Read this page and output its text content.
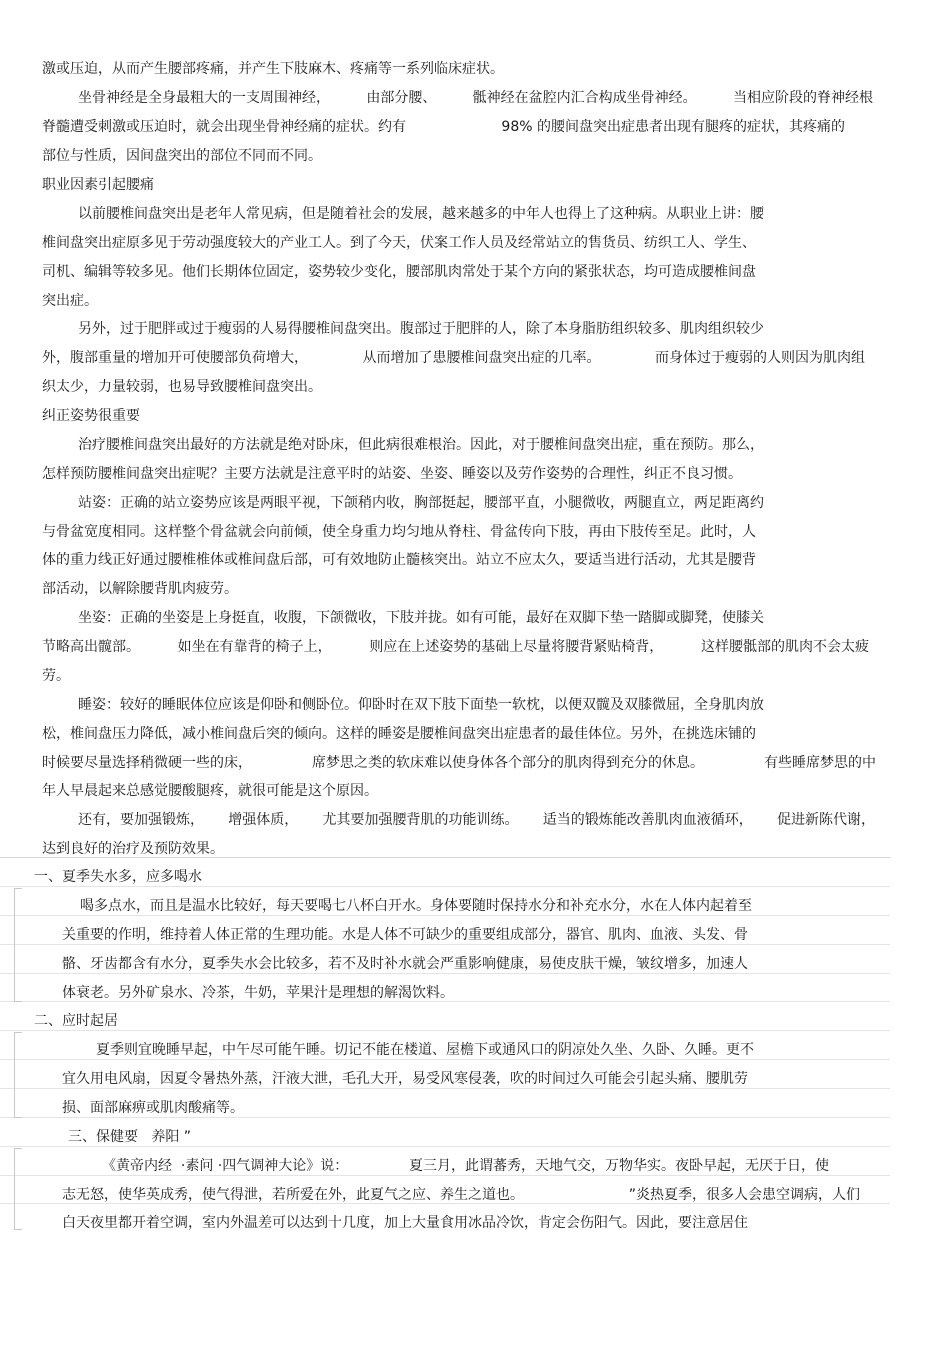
激或压迫，从而产生腰部疼痛，并产生下肢麻木、疼痛等一系列临床症状。
坐骨神经是全身最粗大的一支周围神经，	由部分腰、	骶神经在盆腔内汇合构成坐骨神经。	当相应阶段的脊神经根
脊髓遭受刺激或压迫时，就会出现坐骨神经痛的症状。约有	98% 的腰间盘突出症患者出现有腿疼的症状，其疼痛的
部位与性质，因间盘突出的部位不同而不同。
职业因素引起腰痛
以前腰椎间盘突出是老年人常见病，但是随着社会的发展，越来越多的中年人也得上了这种病。从职业上讲：腰
椎间盘突出症原多见于劳动强度较大的产业工人。到了今天，伏案工作人员及经常站立的售货员、纺织工人、学生、
司机、编辑等较多见。他们长期体位固定，姿势较少变化，腰部肌肉常处于某个方向的紧张状态，均可造成腰椎间盘
突出症。
另外，过于肥胖或过于瘦弱的人易得腰椎间盘突出。腹部过于肥胖的人，除了本身脂肪组织较多、肌肉组织较少
外，腹部重量的增加开可使腰部负荷增大，	从而增加了患腰椎间盘突出症的几率。	而身体过于瘦弱的人则因为肌肉组
织太少，力量较弱，也易导致腰椎间盘突出。
纠正姿势很重要
治疗腰椎间盘突出最好的方法就是绝对卧床，但此病很难根治。因此，对于腰椎间盘突出症，重在预防。那么，
怎样预防腰椎间盘突出症呢？主要方法就是注意平时的站姿、坐姿、睡姿以及劳作姿势的合理性，纠正不良习惯。
站姿：正确的站立姿势应该是两眼平视，下颌稍内收，胸部挺起，腰部平直，小腿微收，两腿直立，两足距离约
与骨盆宽度相同。这样整个骨盆就会向前倾，使全身重力均匀地从脊柱、骨盆传向下肢，再由下肢传至足。此时，人
体的重力线正好通过腰椎椎体或椎间盘后部，可有效地防止髓核突出。站立不应太久，要适当进行活动，尤其是腰背
部活动，以解除腰背肌肉疲劳。
坐姿：正确的坐姿是上身挺直，收腹，下颌微收，下肢并拢。如有可能，最好在双脚下垫一踏脚或脚凳，使膝关
节略高出髋部。	如坐在有靠背的椅子上，	则应在上述姿势的基础上尽量将腰背紧贴椅背，	这样腰骶部的肌肉不会太疲
劳。
睡姿：较好的睡眠体位应该是仰卧和侧卧位。仰卧时在双下肢下面垫一软枕，以便双髋及双膝微屈，全身肌肉放
松，椎间盘压力降低，减小椎间盘后突的倾向。这样的睡姿是腰椎间盘突出症患者的最佳体位。另外，在挑选床铺的
时候要尽量选择稍微硬一些的床，	席梦思之类的软床难以使身体各个部分的肌肉得到充分的休息。	有些睡席梦思的中
年人早晨起来总感觉腰酸腿疼，就很可能是这个原因。
还有，要加强锻炼， 增强体质， 尤其要加强腰背肌的功能训练。 适当的锻炼能改善肌肉血液循环， 促进新陈代谢，
达到良好的治疗及预防效果。
一、夏季失水多，应多喝水
喝多点水，而且是温水比较好，每天要喝七八杯白开水。身体要随时保持水分和补充水分，水在人体内起着至
关重要的作明，维持着人体正常的生理功能。水是人体不可缺少的重要组成部分，器官、肌肉、血液、头发、骨
骼、牙齿都含有水分，夏季失水会比较多，若不及时补水就会严重影响健康，易使皮肤干燥，皱纹增多，加速人
体衰老。另外矿泉水、冷茶，牛奶，苹果汁是理想的解渴饮料。
二、应时起居
夏季则宜晚睡早起，中午尽可能午睡。切记不能在楼道、屋檐下或通风口的阴凉处久坐、久卧、久睡。更不
宜久用电风扇，因夏令暑热外蒸，汗液大泄，毛孔大开，易受风寒侵袭，吹的时间过久可能会引起头痛、腰肌劳
损、面部麻痹或肌肉酸痛等。
三、保健要   养阳 ”
《黄帝内经  ·素问 ·四气调神大论》说：	夏三月，此谓蕃秀，天地气交，万物华实。夜卧早起，无厌于日，使
志无怒，使华英成秀，使气得泄，若所爱在外，此夏气之应、养生之道也。	”炎热夏季，很多人会患空调病，人们
白天夜里都开着空调，室内外温差可以达到十几度，加上大量食用冰品冷饮，肯定会伤阳气。因此，要注意居住
